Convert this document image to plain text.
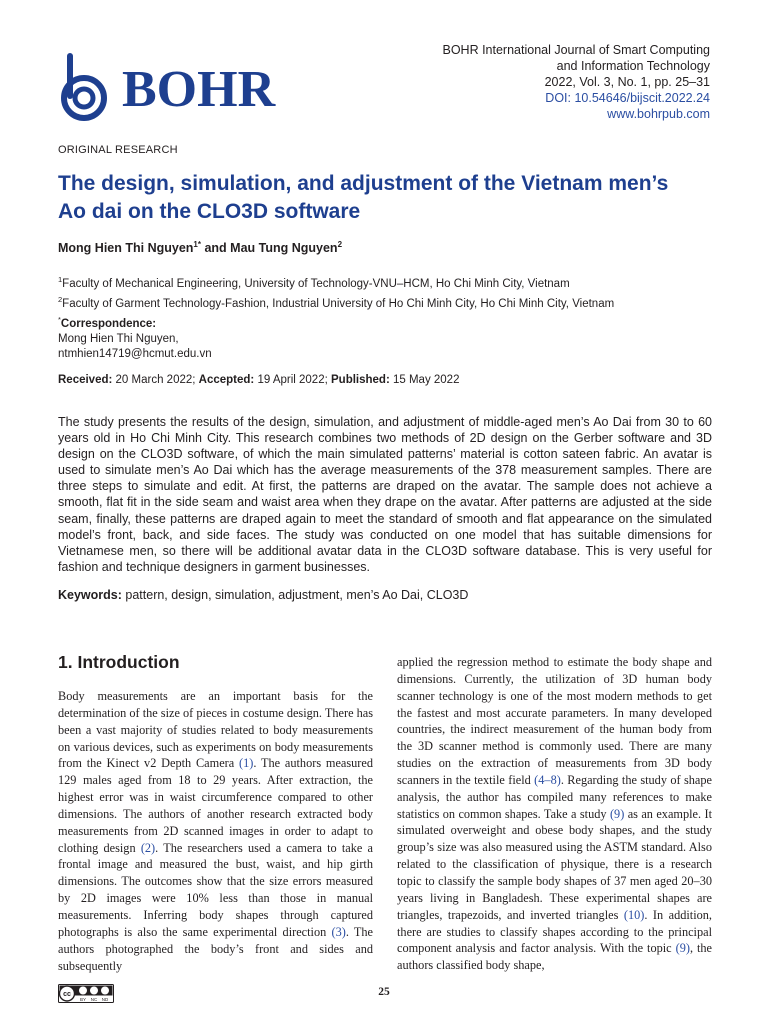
BOHR
BOHR International Journal of Smart Computing
and Information Technology
2022, Vol. 3, No. 1, pp. 25–31
DOI: 10.54646/bijscit.2022.24
www.bohrpub.com
ORIGINAL RESEARCH
The design, simulation, and adjustment of the Vietnam men’s
Ao dai on the CLO3D software
Mong Hien Thi Nguyen$^{1*}$ and Mau Tung Nguyen$^2$
$^1$Faculty of Mechanical Engineering, University of Technology-VNU–HCM, Ho Chi Minh City, Vietnam
$^2$Faculty of Garment Technology-Fashion, Industrial University of Ho Chi Minh City, Ho Chi Minh City, Vietnam
*Correspondence:
Mong Hien Thi Nguyen,
ntmhien14719@hcmut.edu.vn
Received: 20 March 2022; Accepted: 19 April 2022; Published: 15 May 2022

The study presents the results of the design, simulation, and adjustment of middle-aged men’s Ao Dai from 30 to 60 years old in Ho Chi Minh City. This research combines two methods of 2D design on the Gerber software and 3D design on the CLO3D software, of which the main simulated patterns’ material is cotton sateen fabric. An avatar is used to simulate men’s Ao Dai which has the average measurements of the 378 measurement samples. There are three steps to simulate and edit. At first, the patterns are draped on the avatar. The sample does not achieve a smooth, flat fit in the side seam and waist area when they drape on the avatar. After patterns are adjusted at the side seam, finally, these patterns are draped again to meet the standard of smooth and flat appearance on the simulated model’s front, back, and side faces. The study was conducted on one model that has suitable dimensions for Vietnamese men, so there will be additional avatar data in the CLO3D software database. This is very useful for fashion and technique designers in garment businesses.

Keywords: pattern, design, simulation, adjustment, men’s Ao Dai, CLO3D
1. Introduction

Body measurements are an important basis for the determination of the size of pieces in costume design. There has been a vast majority of studies related to body measurements on various devices, such as experiments on body measurements from the Kinect v2 Depth Camera (1). The authors measured 129 males aged from 18 to 29 years. After extraction, the highest error was in waist circumference compared to other dimensions. The authors of another research extracted body measurements from 2D scanned images in order to adapt to clothing design (2). The researchers used a camera to take a frontal image and measured the bust, waist, and hip girth dimensions. The outcomes show that the size errors measured by 2D images were 10% less than those in manual measurements. Inferring body shapes through captured photographs is also the same experimental direction (3). The authors photographed the body’s front and sides and subsequently

applied the regression method to estimate the body shape and dimensions. Currently, the utilization of 3D human body scanner technology is one of the most modern methods to get the fastest and most accurate parameters. In many developed countries, the indirect measurement of the human body from the 3D scanner method is commonly used. There are many studies on the extraction of measurements from 3D body scanners in the textile field (4–8). Regarding the study of shape analysis, the author has compiled many references to make statistics on common shapes. Take a study (9) as an example. It simulated overweight and obese body shapes, and the study group’s size was also measured using the ASTM standard. Also related to the classification of physique, there is a research topic to classify the sample body shapes of 37 men aged 20–30 years living in Bangladesh. These experimental shapes are triangles, trapezoids, and inverted triangles (10). In addition, there are studies to classify shapes according to the principal component analysis and factor analysis. With the topic (9), the authors classified body shape,

cc
BY NC ND
25
